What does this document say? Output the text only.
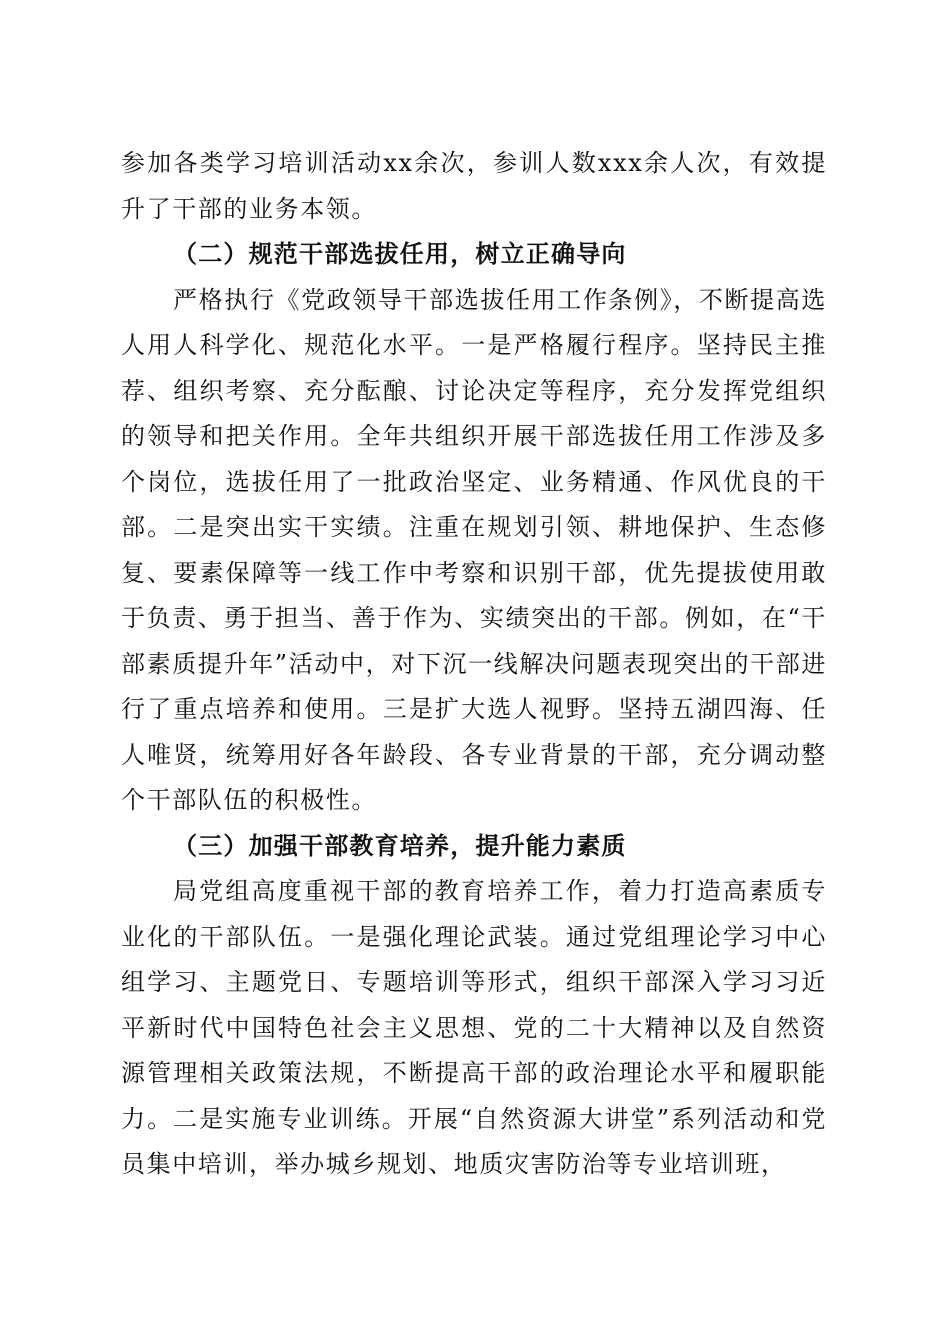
参加各类学习培训活动xx余次，参训人数xxx余人次，有效提升了干部的业务本领。

（二）规范干部选拔任用，树立正确导向

严格执行《党政领导干部选拔任用工作条例》，不断提高选人用人科学化、规范化水平。一是严格履行程序。坚持民主推荐、组织考察、充分酝酿、讨论决定等程序，充分发挥党组织的领导和把关作用。全年共组织开展干部选拔任用工作涉及多个岗位，选拔任用了一批政治坚定、业务精通、作风优良的干部。二是突出实干实绩。注重在规划引领、耕地保护、生态修复、要素保障等一线工作中考察和识别干部，优先提拔使用敢于负责、勇于担当、善于作为、实绩突出的干部。例如，在“干部素质提升年”活动中，对下沉一线解决问题表现突出的干部进行了重点培养和使用。三是扩大选人视野。坚持五湖四海、任人唯贤，统筹用好各年龄段、各专业背景的干部，充分调动整个干部队伍的积极性。

（三）加强干部教育培养，提升能力素质

局党组高度重视干部的教育培养工作，着力打造高素质专业化的干部队伍。一是强化理论武装。通过党组理论学习中心组学习、主题党日、专题培训等形式，组织干部深入学习习近平新时代中国特色社会主义思想、党的二十大精神以及自然资源管理相关政策法规，不断提高干部的政治理论水平和履职能力。二是实施专业训练。开展“自然资源大讲堂”系列活动和党员集中培训，举办城乡规划、地质灾害防治等专业培训班，
